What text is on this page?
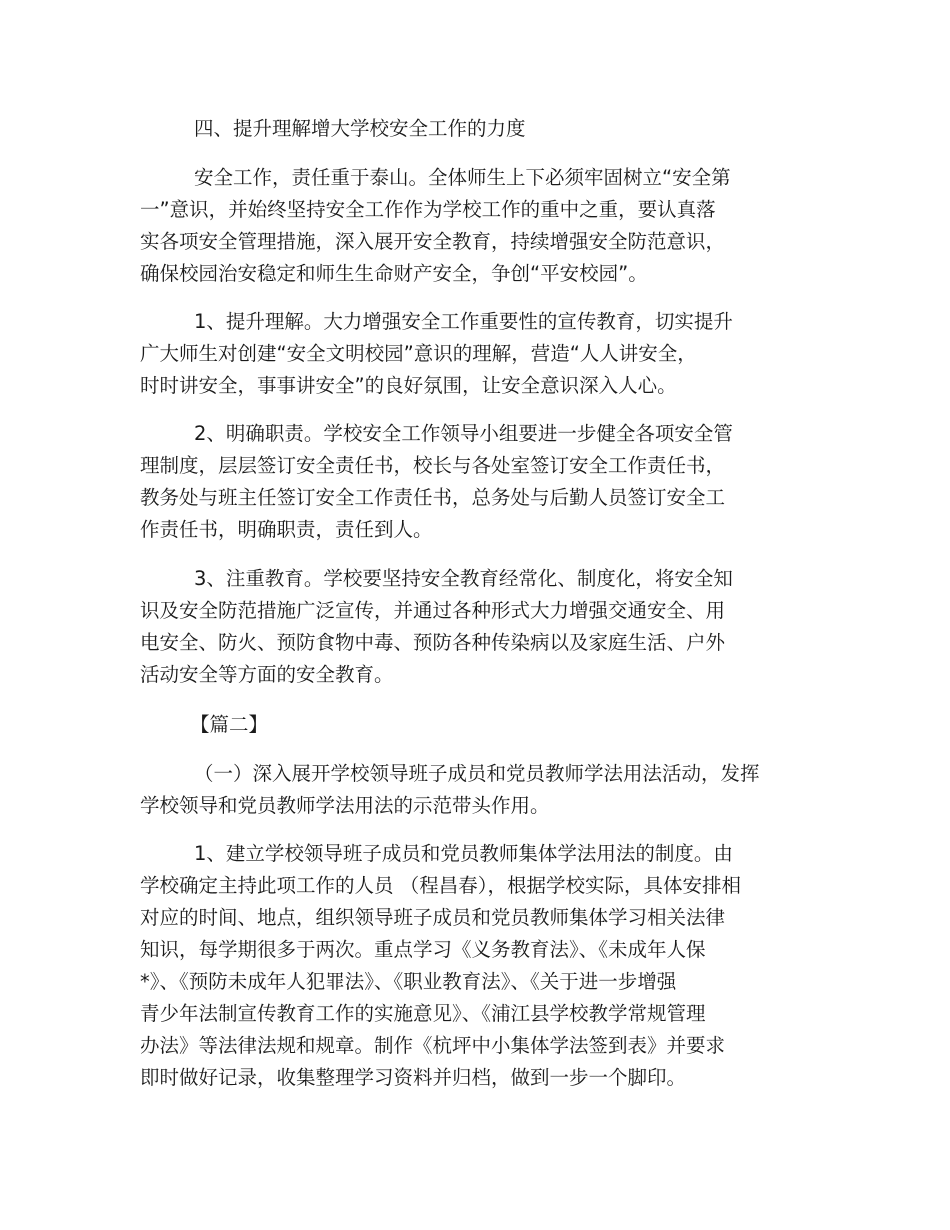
四、提升理解增大学校安全工作的力度

安全工作，责任重于泰山。全体师生上下必须牢固树立“安全第
一”意识，并始终坚持安全工作作为学校工作的重中之重，要认真落
实各项安全管理措施，深入展开安全教育，持续增强安全防范意识，
确保校园治安稳定和师生生命财产安全，争创“平安校园”。

1、提升理解。大力增强安全工作重要性的宣传教育，切实提升
广大师生对创建“安全文明校园”意识的理解，营造“人人讲安全，
时时讲安全，事事讲安全”的良好氛围，让安全意识深入人心。

2、明确职责。学校安全工作领导小组要进一步健全各项安全管
理制度，层层签订安全责任书，校长与各处室签订安全工作责任书，
教务处与班主任签订安全工作责任书，总务处与后勤人员签订安全工
作责任书，明确职责，责任到人。

3、注重教育。学校要坚持安全教育经常化、制度化，将安全知
识及安全防范措施广泛宣传，并通过各种形式大力增强交通安全、用
电安全、防火、预防食物中毒、预防各种传染病以及家庭生活、户外
活动安全等方面的安全教育。

【篇二】

（一）深入展开学校领导班子成员和党员教师学法用法活动，发挥
学校领导和党员教师学法用法的示范带头作用。

1、建立学校领导班子成员和党员教师集体学法用法的制度。由
学校确定主持此项工作的人员 （程昌春），根据学校实际，具体安排相
对应的时间、地点，组织领导班子成员和党员教师集体学习相关法律
知识，每学期很多于两次。重点学习《义务教育法》、《未成年人保
*》、《预防未成年人犯罪法》、《职业教育法》、《关于进一步增强
青少年法制宣传教育工作的实施意见》、《浦江县学校教学常规管理
办法》等法律法规和规章。制作《杭坪中小集体学法签到表》并要求
即时做好记录，收集整理学习资料并归档，做到一步一个脚印。
